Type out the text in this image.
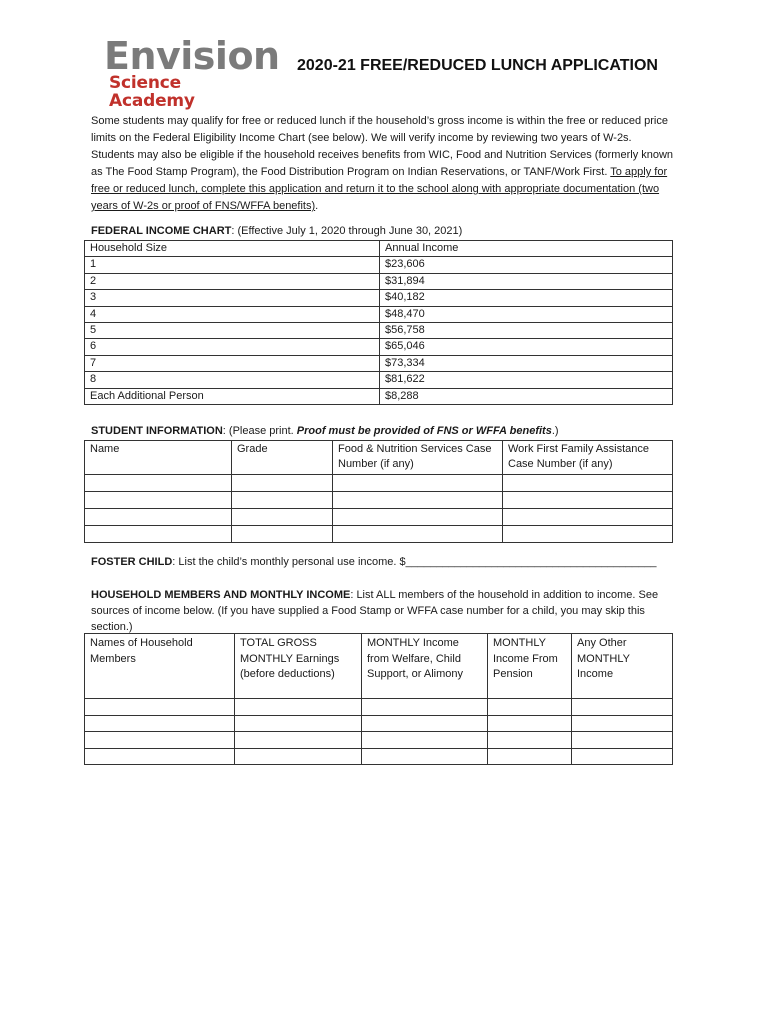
Envision
Science Academy
2020-21 FREE/REDUCED LUNCH APPLICATION
Some students may qualify for free or reduced lunch if the household’s gross income is within the free or reduced price limits on the Federal Eligibility Income Chart (see below). We will verify income by reviewing two years of W-2s. Students may also be eligible if the household receives benefits from WIC, Food and Nutrition Services (formerly known as The Food Stamp Program), the Food Distribution Program on Indian Reservations, or TANF/Work First. To apply for free or reduced lunch, complete this application and return it to the school along with appropriate documentation (two years of W-2s or proof of FNS/WFFA benefits).
FEDERAL INCOME CHART: (Effective July 1, 2020 through June 30, 2021)
Household Size	Annual Income
1	$23,606
2	$31,894
3	$40,182
4	$48,470
5	$56,758
6	$65,046
7	$73,334
8	$81,622
Each Additional Person	$8,288
STUDENT INFORMATION: (Please print. Proof must be provided of FNS or WFFA benefits.)
Name	Grade	Food & Nutrition Services Case Number (if any)	Work First Family Assistance Case Number (if any)

FOSTER CHILD: List the child’s monthly personal use income. $_________________________________________
HOUSEHOLD MEMBERS AND MONTHLY INCOME: List ALL members of the household in addition to income. See sources of income below. (If you have supplied a Food Stamp or WFFA case number for a child, you may skip this section.)
Names of Household Members	TOTAL GROSS MONTHLY Earnings (before deductions)	MONTHLY Income from Welfare, Child Support, or Alimony	MONTHLY Income From Pension	Any Other MONTHLY Income
